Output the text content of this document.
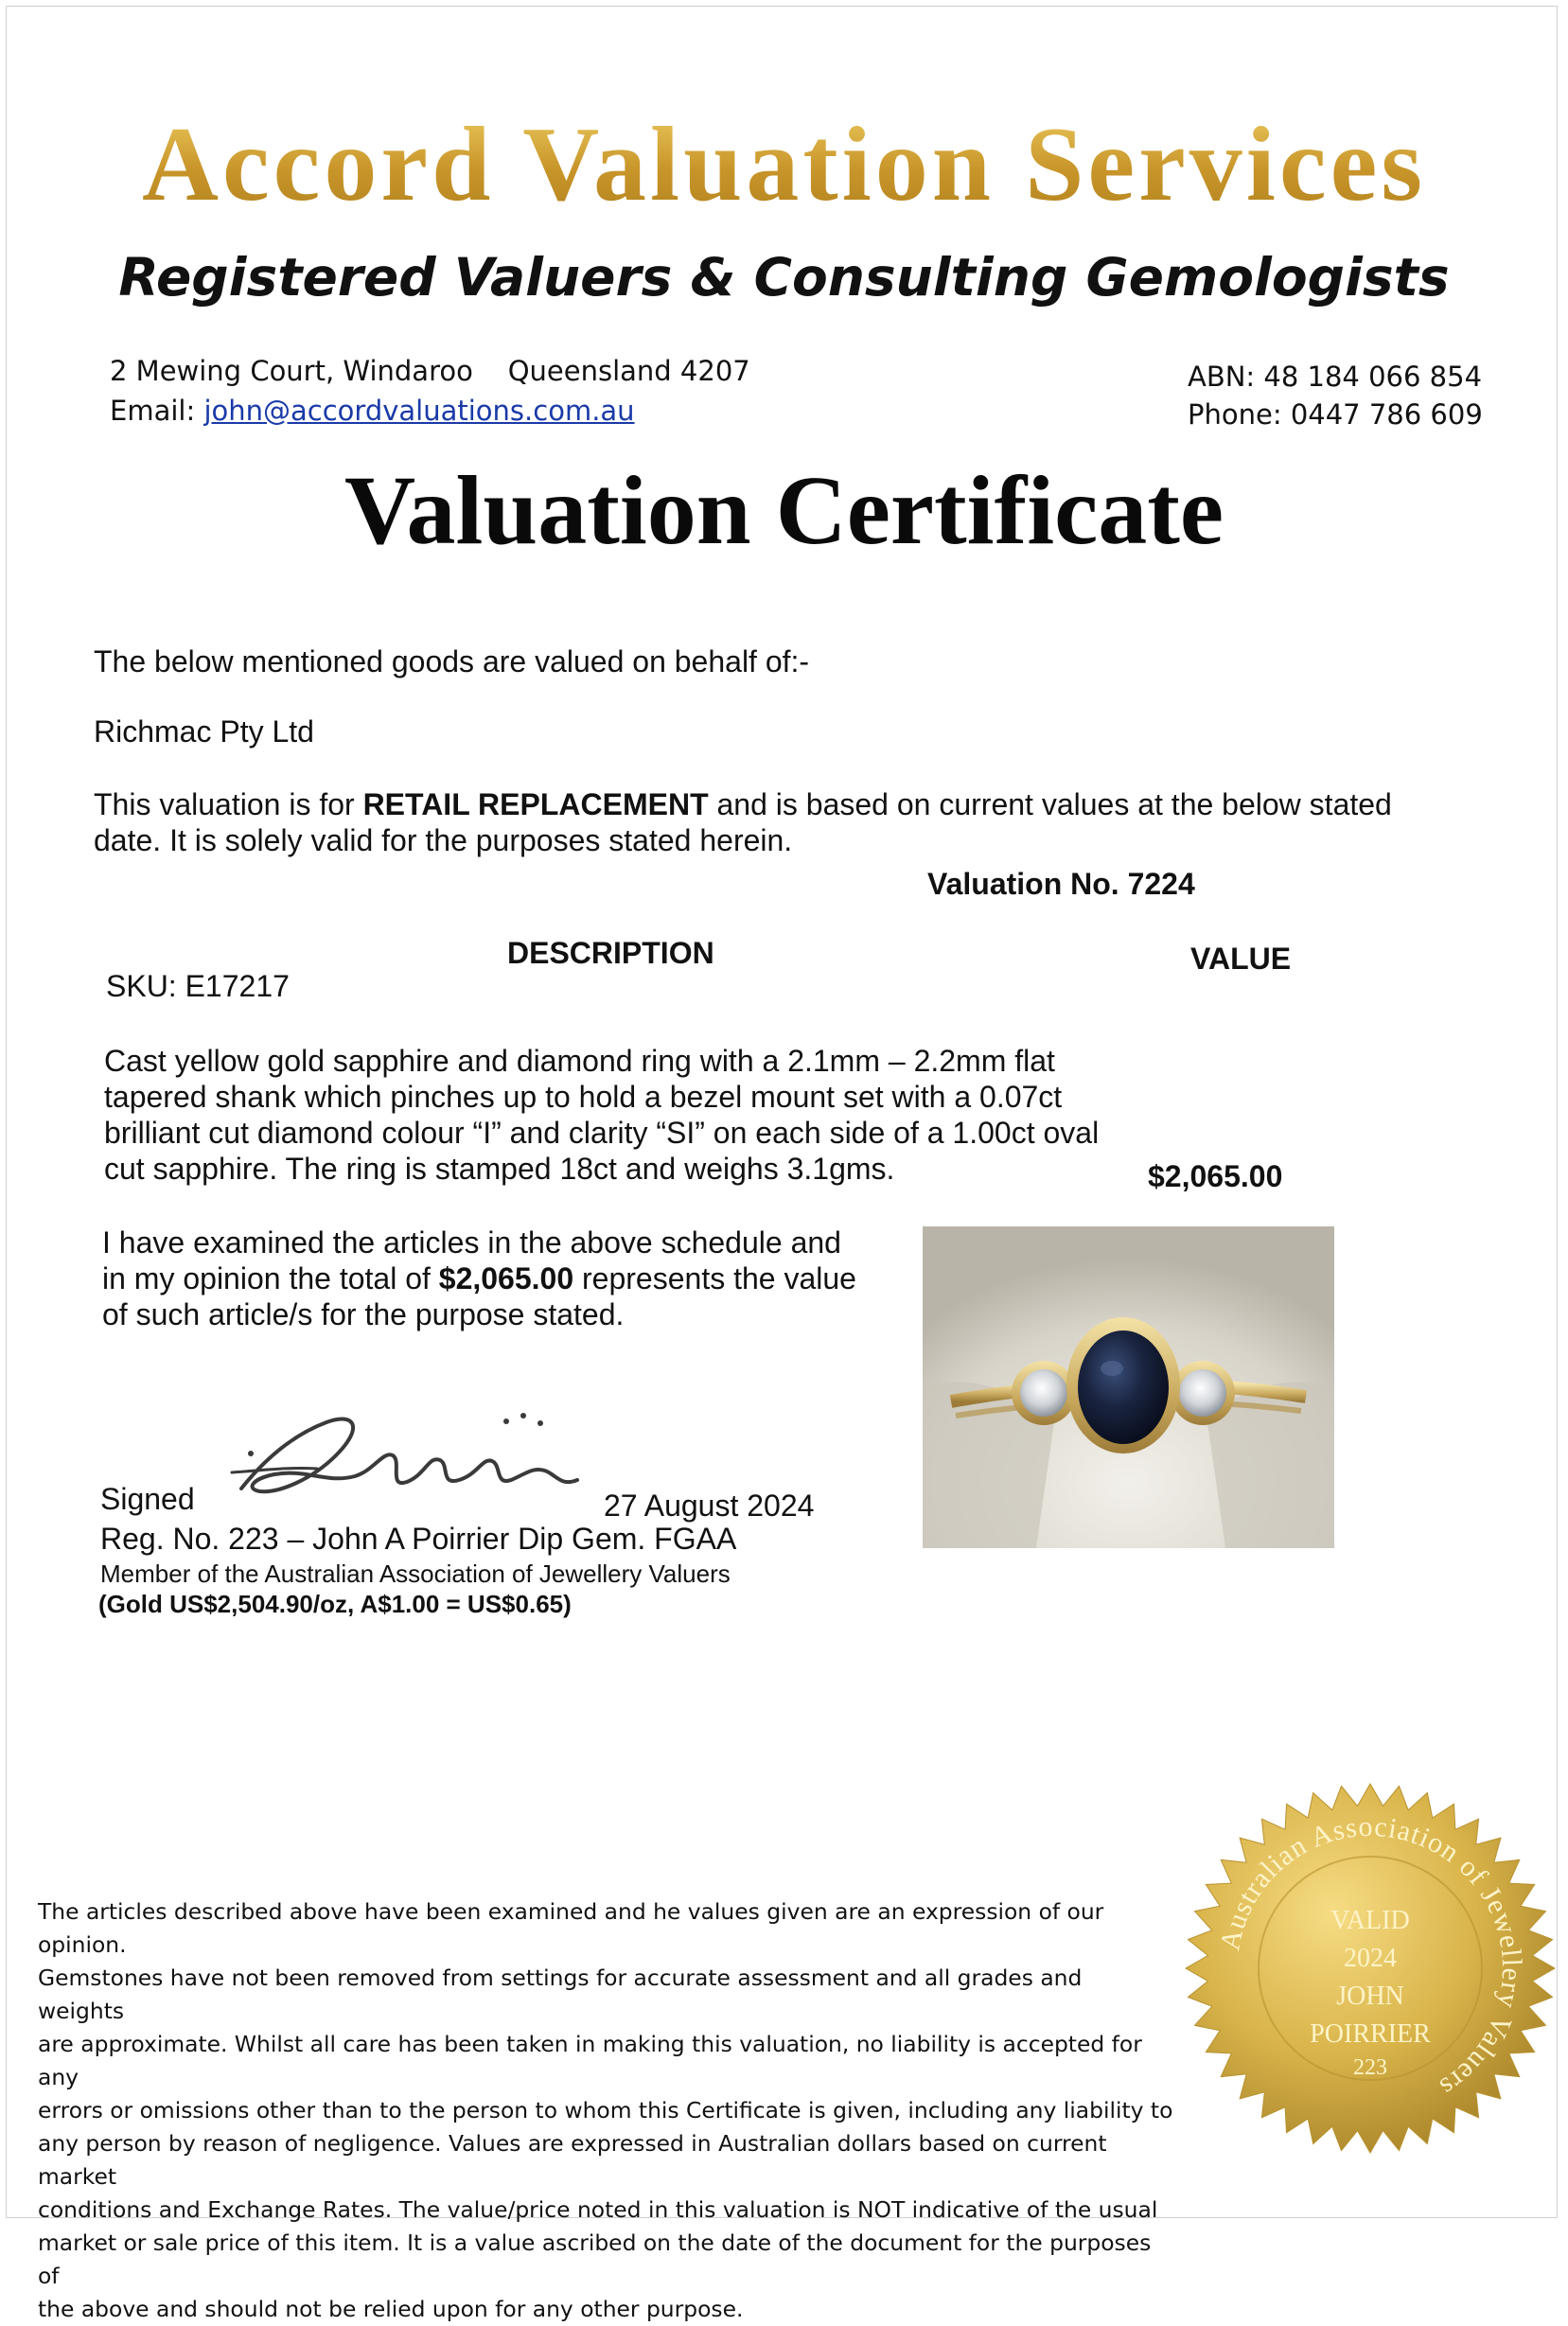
Accord Valuation Services
Registered Valuers & Consulting Gemologists
2 Mewing Court, Windaroo    Queensland 4207
Email: john@accordvaluations.com.au
ABN: 48 184 066 854
Phone: 0447 786 609
Valuation Certificate
The below mentioned goods are valued on behalf of:-
Richmac Pty Ltd
This valuation is for RETAIL REPLACEMENT and is based on current values at the below stated
date. It is solely valid for the purposes stated herein.
Valuation No. 7224
DESCRIPTION	VALUE
SKU: E17217
Cast yellow gold sapphire and diamond ring with a 2.1mm – 2.2mm flat
tapered shank which pinches up to hold a bezel mount set with a 0.07ct
brilliant cut diamond colour “I” and clarity “SI” on each side of a 1.00ct oval
cut sapphire. The ring is stamped 18ct and weighs 3.1gms.	$2,065.00
I have examined the articles in the above schedule and
in my opinion the total of $2,065.00 represents the value
of such article/s for the purpose stated.
Signed	27 August 2024
Reg. No. 223 – John A Poirrier Dip Gem. FGAA
Member of the Australian Association of Jewellery Valuers
(Gold US$2,504.90/oz, A$1.00 = US$0.65)
The articles described above have been examined and he values given are an expression of our opinion.
Gemstones have not been removed from settings for accurate assessment and all grades and weights
are approximate. Whilst all care has been taken in making this valuation, no liability is accepted for any
errors or omissions other than to the person to whom this Certificate is given, including any liability to
any person by reason of negligence. Values are expressed in Australian dollars based on current market
conditions and Exchange Rates. The value/price noted in this valuation is NOT indicative of the usual
market or sale price of this item. It is a value ascribed on the date of the document for the purposes of
the above and should not be relied upon for any other purpose.
Australian Association of Jewellery Valuers
VALID
2024
JOHN
POIRRIER
223
